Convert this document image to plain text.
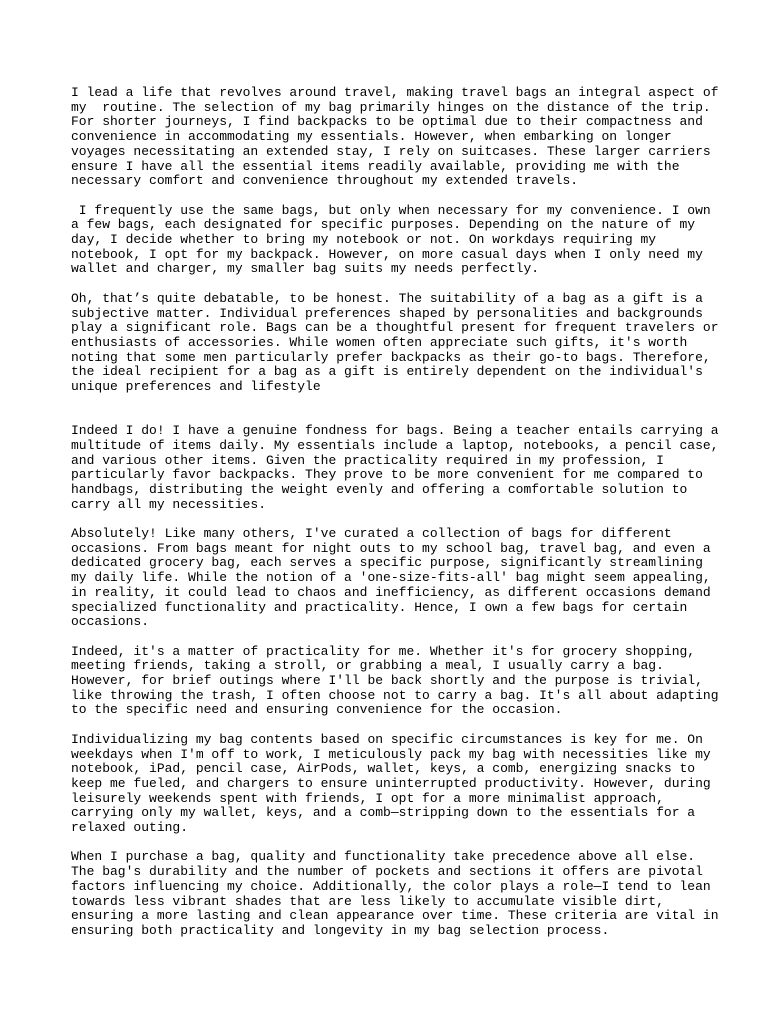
I lead a life that revolves around travel, making travel bags an integral aspect of
my  routine. The selection of my bag primarily hinges on the distance of the trip.
For shorter journeys, I find backpacks to be optimal due to their compactness and
convenience in accommodating my essentials. However, when embarking on longer
voyages necessitating an extended stay, I rely on suitcases. These larger carriers
ensure I have all the essential items readily available, providing me with the
necessary comfort and convenience throughout my extended travels.
I frequently use the same bags, but only when necessary for my convenience. I own
a few bags, each designated for specific purposes. Depending on the nature of my
day, I decide whether to bring my notebook or not. On workdays requiring my
notebook, I opt for my backpack. However, on more casual days when I only need my
wallet and charger, my smaller bag suits my needs perfectly.
Oh, that’s quite debatable, to be honest. The suitability of a bag as a gift is a
subjective matter. Individual preferences shaped by personalities and backgrounds
play a significant role. Bags can be a thoughtful present for frequent travelers or
enthusiasts of accessories. While women often appreciate such gifts, it's worth
noting that some men particularly prefer backpacks as their go-to bags. Therefore,
the ideal recipient for a bag as a gift is entirely dependent on the individual's
unique preferences and lifestyle
Indeed I do! I have a genuine fondness for bags. Being a teacher entails carrying a
multitude of items daily. My essentials include a laptop, notebooks, a pencil case,
and various other items. Given the practicality required in my profession, I
particularly favor backpacks. They prove to be more convenient for me compared to
handbags, distributing the weight evenly and offering a comfortable solution to
carry all my necessities.
Absolutely! Like many others, I've curated a collection of bags for different
occasions. From bags meant for night outs to my school bag, travel bag, and even a
dedicated grocery bag, each serves a specific purpose, significantly streamlining
my daily life. While the notion of a 'one-size-fits-all' bag might seem appealing,
in reality, it could lead to chaos and inefficiency, as different occasions demand
specialized functionality and practicality. Hence, I own a few bags for certain
occasions.
Indeed, it's a matter of practicality for me. Whether it's for grocery shopping,
meeting friends, taking a stroll, or grabbing a meal, I usually carry a bag.
However, for brief outings where I'll be back shortly and the purpose is trivial,
like throwing the trash, I often choose not to carry a bag. It's all about adapting
to the specific need and ensuring convenience for the occasion.
Individualizing my bag contents based on specific circumstances is key for me. On
weekdays when I'm off to work, I meticulously pack my bag with necessities like my
notebook, iPad, pencil case, AirPods, wallet, keys, a comb, energizing snacks to
keep me fueled, and chargers to ensure uninterrupted productivity. However, during
leisurely weekends spent with friends, I opt for a more minimalist approach,
carrying only my wallet, keys, and a comb—stripping down to the essentials for a
relaxed outing.
When I purchase a bag, quality and functionality take precedence above all else.
The bag's durability and the number of pockets and sections it offers are pivotal
factors influencing my choice. Additionally, the color plays a role—I tend to lean
towards less vibrant shades that are less likely to accumulate visible dirt,
ensuring a more lasting and clean appearance over time. These criteria are vital in
ensuring both practicality and longevity in my bag selection process.
